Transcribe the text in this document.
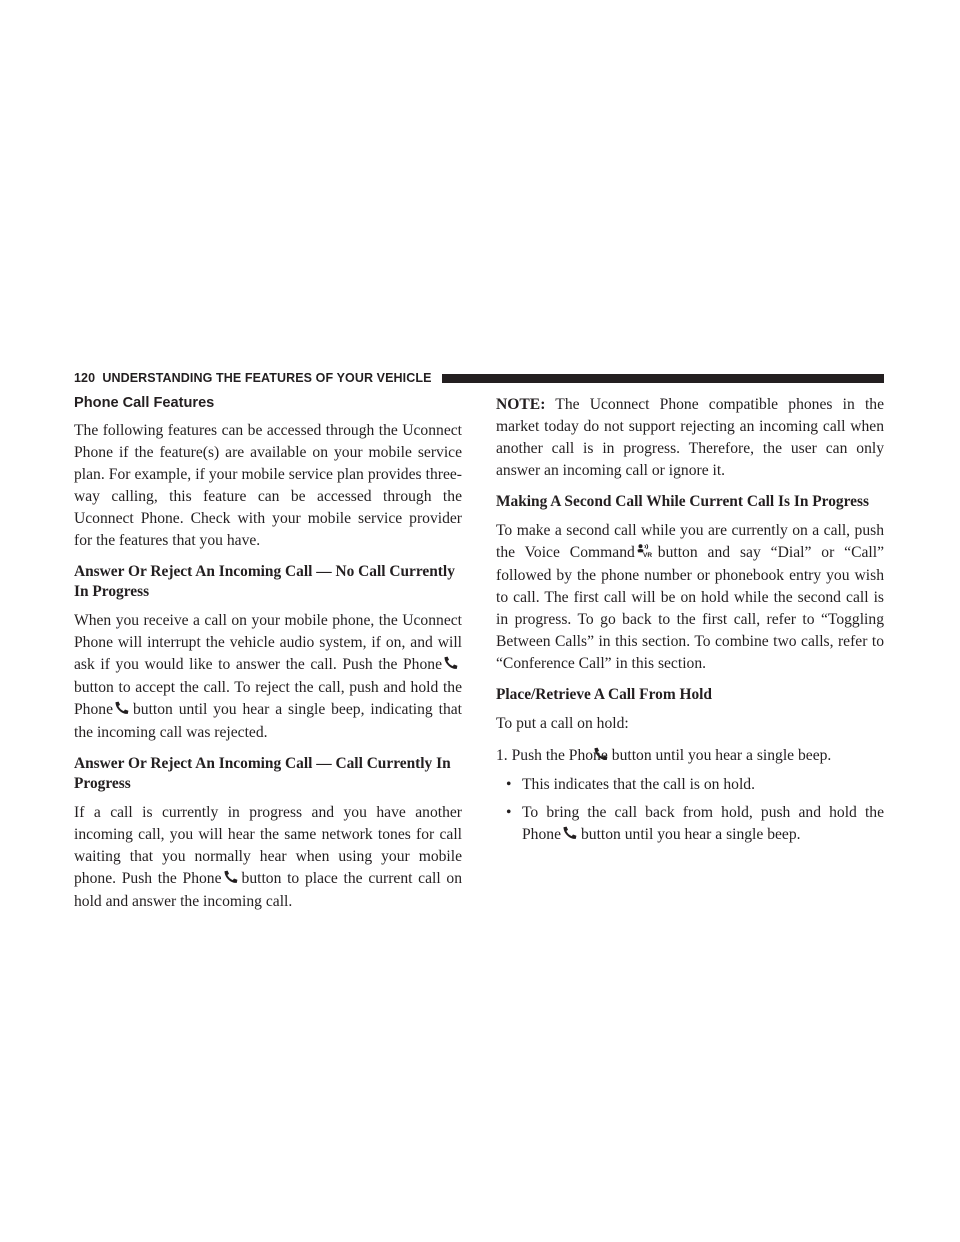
120 UNDERSTANDING THE FEATURES OF YOUR VEHICLE
Phone Call Features

The following features can be accessed through the Uconnect Phone if the feature(s) are available on your mobile service plan. For example, if your mobile service plan provides three-way calling, this feature can be accessed through the Uconnect Phone. Check with your mobile service provider for the features that you have.

Answer Or Reject An Incoming Call — No Call Currently In Progress

When you receive a call on your mobile phone, the Uconnect Phone will interrupt the vehicle audio system, if on, and will ask if you would like to answer the call. Push the Phonebutton to accept the call. To reject the call, push and hold the Phone button until you hear a single beep, indicating that the incoming call was rejected.

Answer Or Reject An Incoming Call — Call Currently In Progress

If a call is currently in progress and you have another incoming call, you will hear the same network tones for call waiting that you normally hear when using your mobile phone. Push the Phone button to place the current call on hold and answer the incoming call.

NOTE: The Uconnect Phone compatible phones in the market today do not support rejecting an incoming call when another call is in progress. Therefore, the user can only answer an incoming call or ignore it.

Making A Second Call While Current Call Is In Progress

To make a second call while you are currently on a call, push the Voice Command VR button and say “Dial” or “Call” followed by the phone number or phonebook entry you wish to call. The first call will be on hold while the second call is in progress. To go back to the first call, refer to “Toggling Between Calls” in this section. To combine two calls, refer to “Conference Call” in this section.

Place/Retrieve A Call From Hold

To put a call on hold:

1. Push the Phone button until you hear a single beep.
• This indicates that the call is on hold.
• To bring the call back from hold, push and hold the Phone button until you hear a single beep.
